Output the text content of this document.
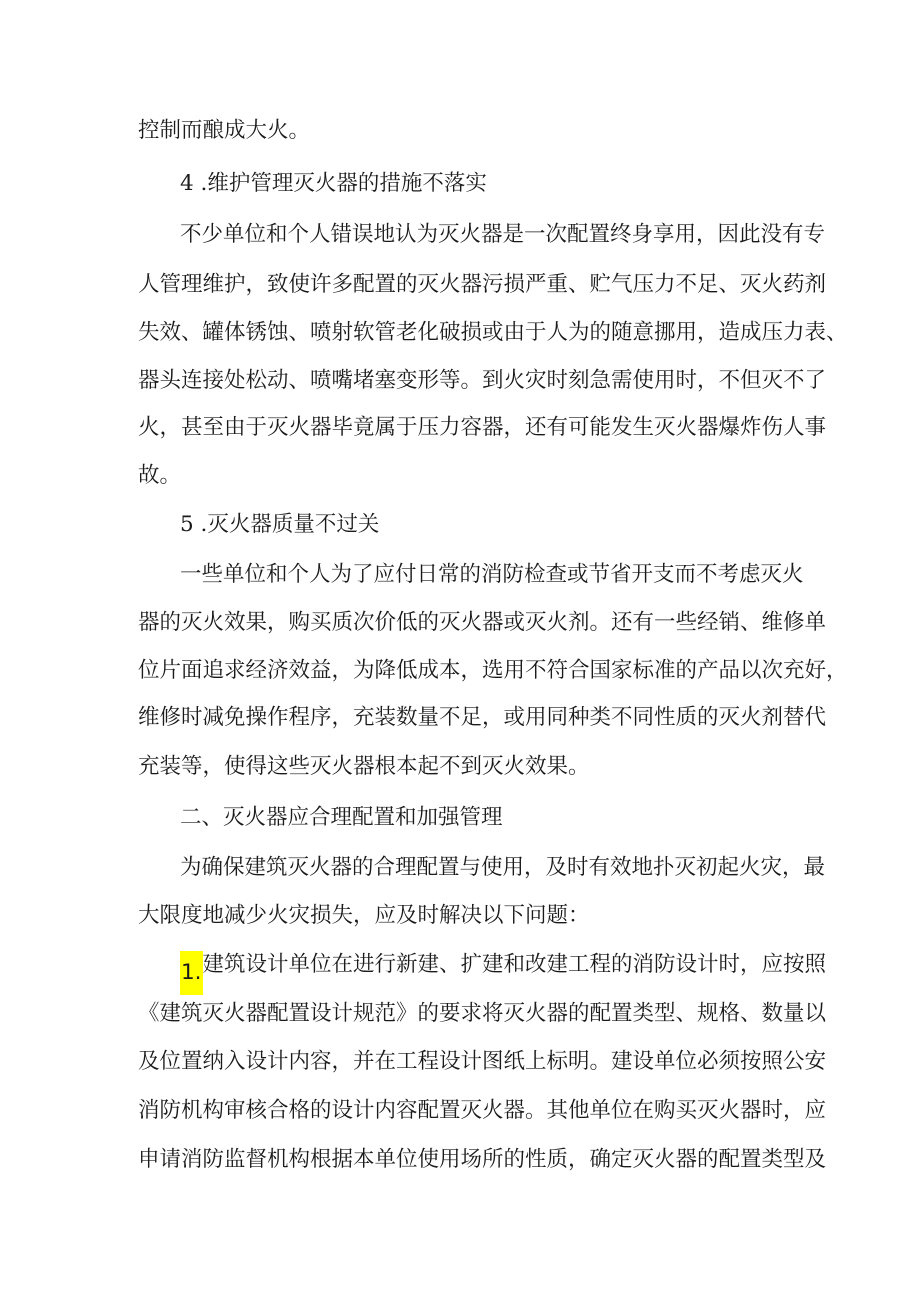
控制而酿成大火。
4 .维护管理灭火器的措施不落实
不少单位和个人错误地认为灭火器是一次配置终身享用，因此没有专
人管理维护，致使许多配置的灭火器污损严重、贮气压力不足、灭火药剂
失效、罐体锈蚀、喷射软管老化破损或由于人为的随意挪用，造成压力表、
器头连接处松动、喷嘴堵塞变形等。到火灾时刻急需使用时，不但灭不了
火，甚至由于灭火器毕竟属于压力容器，还有可能发生灭火器爆炸伤人事
故。
5 .灭火器质量不过关
一些单位和个人为了应付日常的消防检查或节省开支而不考虑灭火
器的灭火效果，购买质次价低的灭火器或灭火剂。还有一些经销、维修单
位片面追求经济效益，为降低成本，选用不符合国家标准的产品以次充好，
维修时减免操作程序，充装数量不足，或用同种类不同性质的灭火剂替代
充装等，使得这些灭火器根本起不到灭火效果。
二、灭火器应合理配置和加强管理
为确保建筑灭火器的合理配置与使用，及时有效地扑灭初起火灾，最
大限度地减少火灾损失，应及时解决以下问题：
1.建筑设计单位在进行新建、扩建和改建工程的消防设计时，应按照
《建筑灭火器配置设计规范》的要求将灭火器的配置类型、规格、数量以
及位置纳入设计内容，并在工程设计图纸上标明。建设单位必须按照公安
消防机构审核合格的设计内容配置灭火器。其他单位在购买灭火器时，应
申请消防监督机构根据本单位使用场所的性质，确定灭火器的配置类型及
